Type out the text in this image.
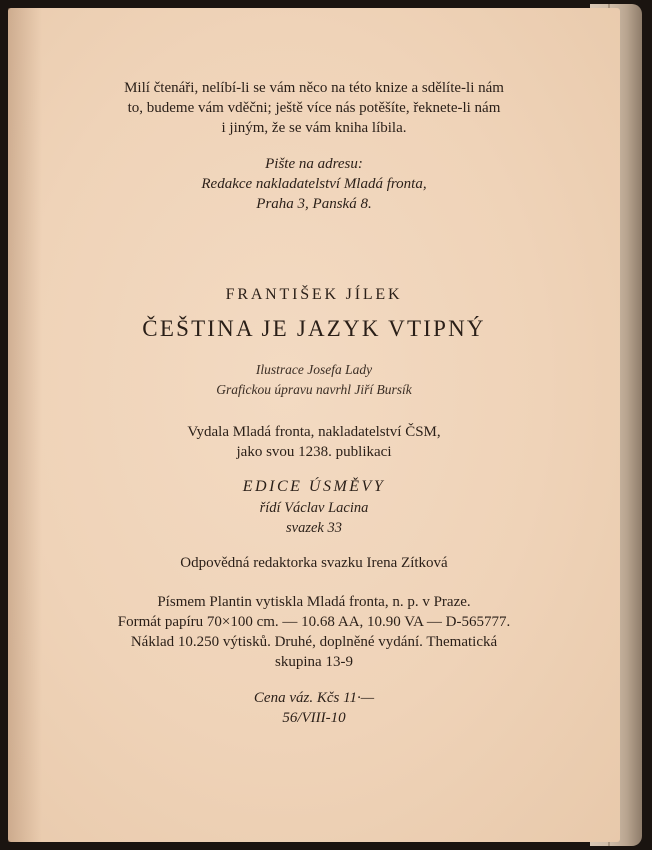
Milí čtenáři, nelíbí-li se vám něco na této knize a sdělíte-li nám
to, budeme vám vděčni; ještě více nás potěšíte, řeknete-li nám
i jiným, že se vám kniha líbila.
Pište na adresu:
Redakce nakladatelství Mladá fronta,
Praha 3, Panská 8.
FRANTIŠEK JÍLEK
ČEŠTINA JE JAZYK VTIPNÝ
Ilustrace Josefa Lady
Grafickou úpravu navrhl Jiří Bursík
Vydala Mladá fronta, nakladatelství ČSM,
jako svou 1238. publikaci
EDICE ÚSMĚVY
řídí Václav Lacina
svazek 33
Odpovědná redaktorka svazku Irena Zítková
Písmem Plantin vytiskla Mladá fronta, n. p. v Praze.
Formát papíru 70×100 cm. — 10.68 AA, 10.90 VA — D-565777.
Náklad 10.250 výtisků. Druhé, doplněné vydání. Thematická
skupina 13-9
Cena váz. Kčs 11·—
56/VIII-10
